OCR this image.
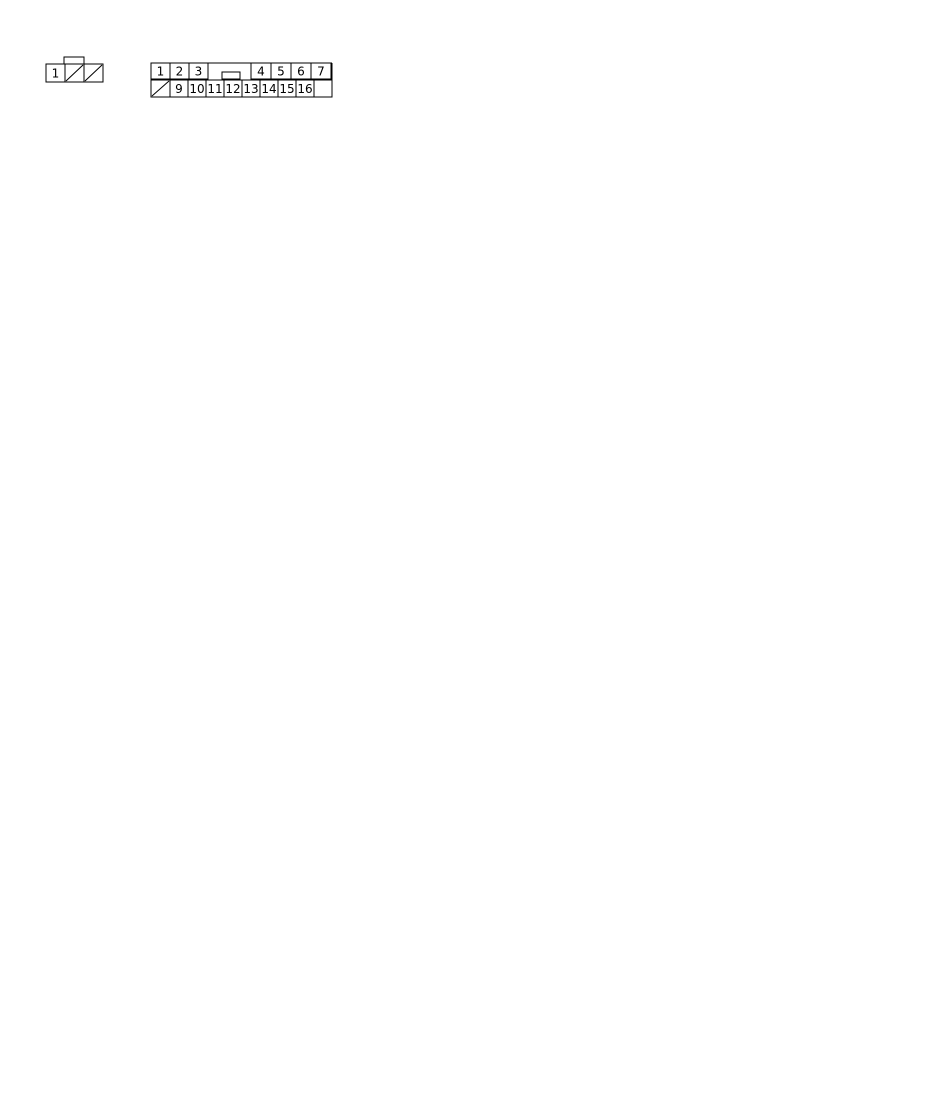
1	1 2 3	4 5 6 7
9 10 11 12 13 14 15 16
